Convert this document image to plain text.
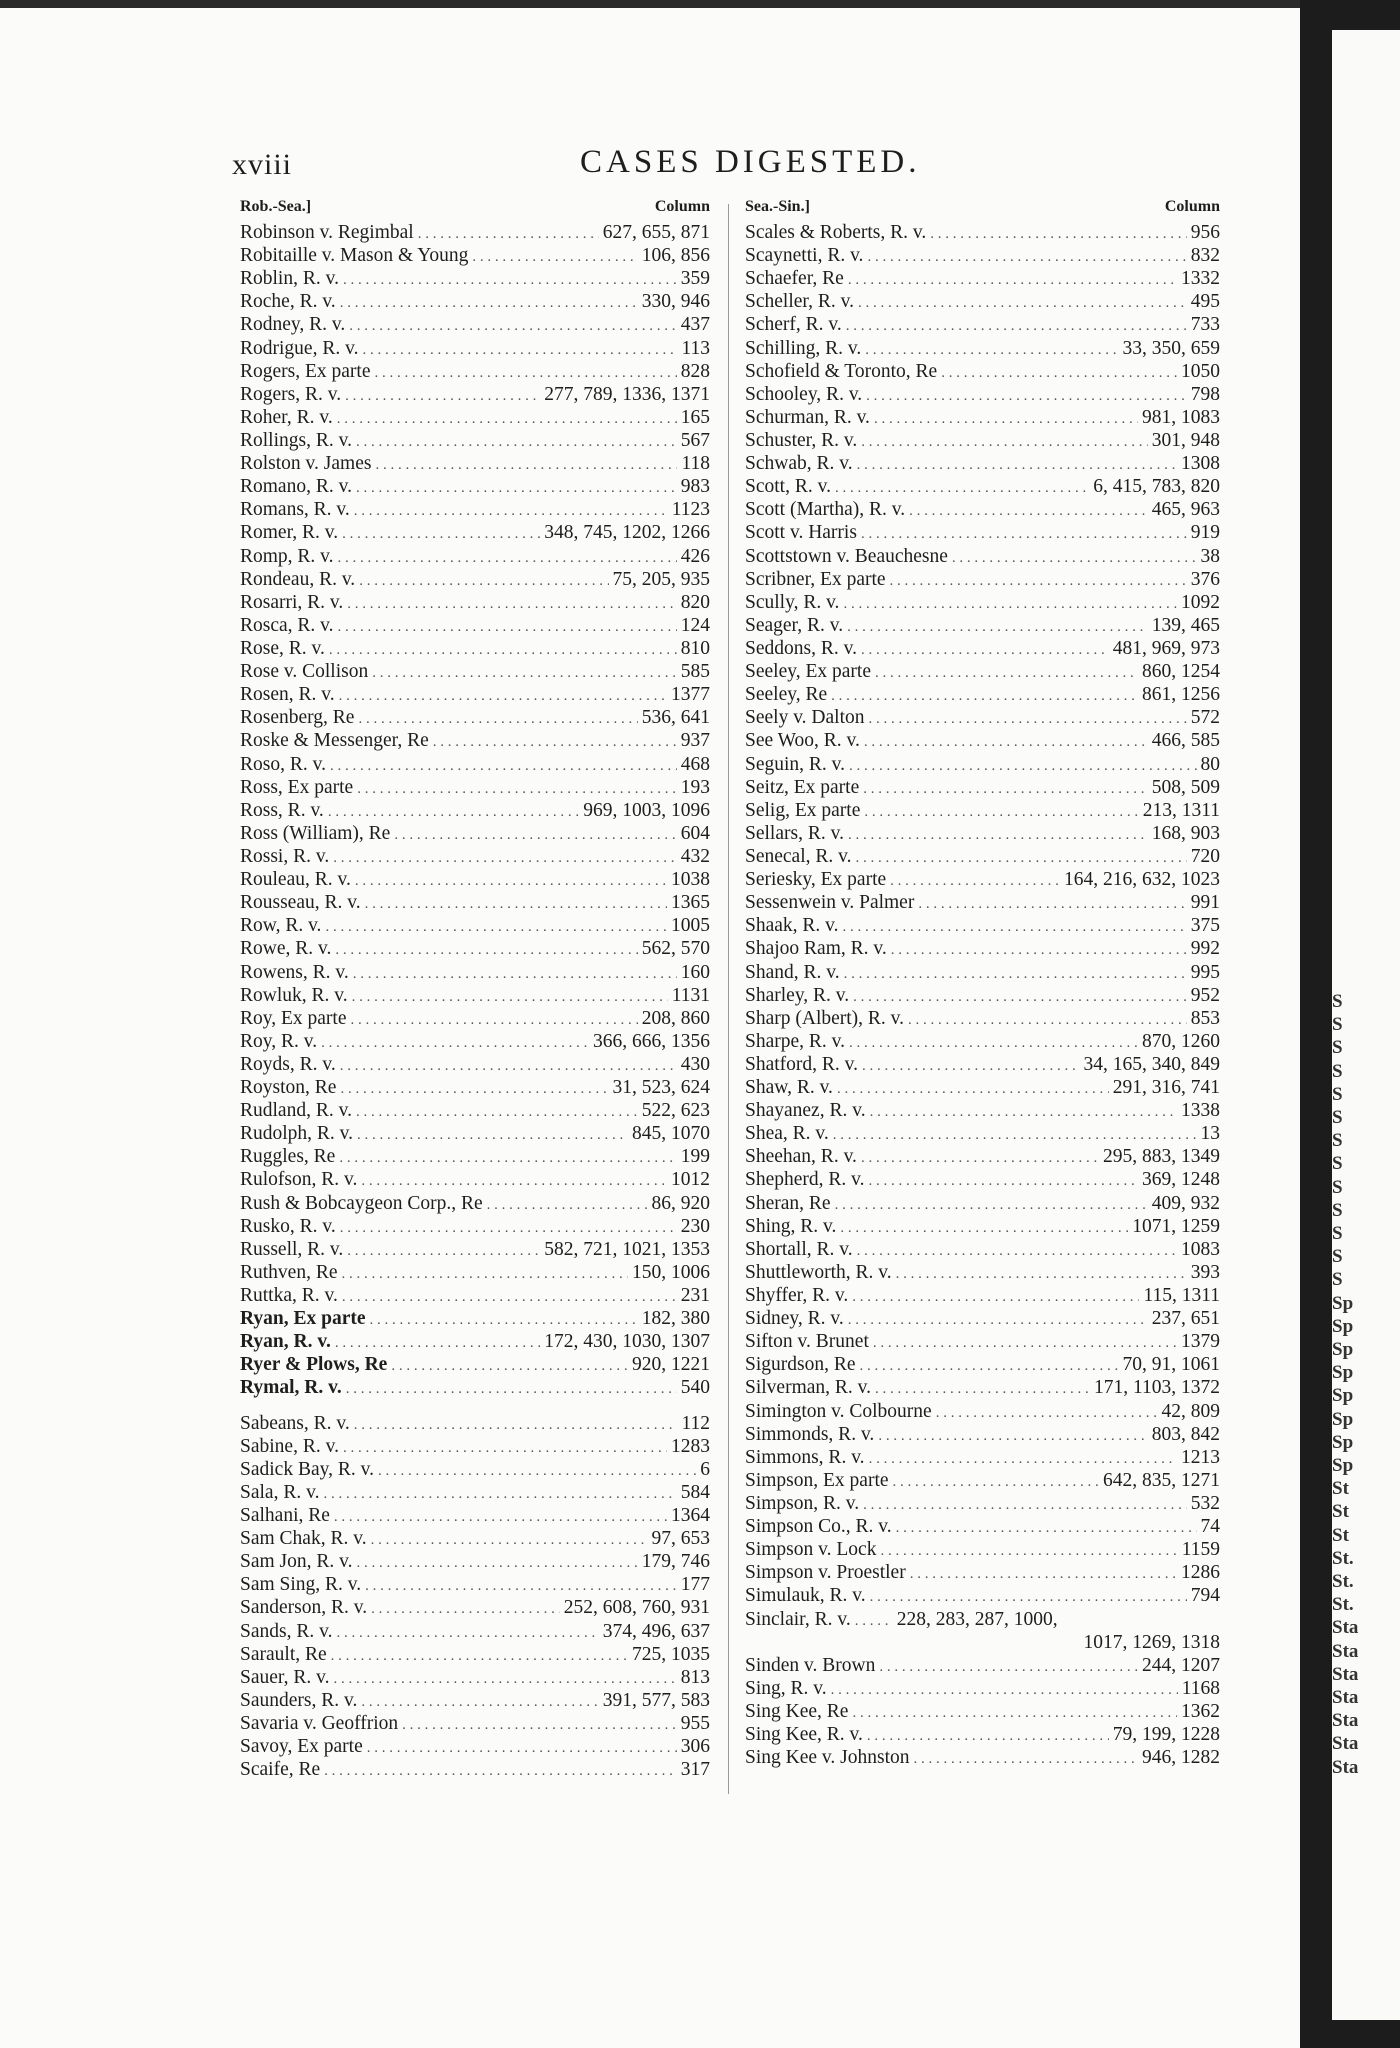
xviii	CASES DIGESTED.
Rob.-Sea.]	Column
Robinson v. Regimbal . . .	627, 655, 871
Robitaille v. Mason & Young . . .	106, 856
Roblin, R. v. . . .	359
Roche, R. v. . . .	330, 946
Rodney, R. v. . . .	437
Rodrigue, R. v. . . .	113
Rogers, Ex parte . . .	828
Rogers, R. v. . . .	277, 789, 1336, 1371
Roher, R. v. . . .	165
Rollings, R. v. . . .	567
Rolston v. James . . .	118
Romano, R. v. . . .	983
Romans, R. v. . . .	1123
Romer, R. v. . . .	348, 745, 1202, 1266
Romp, R. v. . . .	426
Rondeau, R. v. . . .	75, 205, 935
Rosarri, R. v. . . .	820
Rosca, R. v. . . .	124
Rose, R. v. . . .	810
Rose v. Collison . . .	585
Rosen, R. v. . . .	1377
Rosenberg, Re . . .	536, 641
Roske & Messenger, Re . . .	937
Roso, R. v. . . .	468
Ross, Ex parte . . .	193
Ross, R. v. . . .	969, 1003, 1096
Ross (William), Re . . .	604
Rossi, R. v. . . .	432
Rouleau, R. v. . . .	1038
Rousseau, R. v. . . .	1365
Row, R. v. . . .	1005
Rowe, R. v. . . .	562, 570
Rowens, R. v. . . .	160
Rowluk, R. v. . . .	1131
Roy, Ex parte . . .	208, 860
Roy, R. v. . . .	366, 666, 1356
Royds, R. v. . . .	430
Royston, Re . . .	31, 523, 624
Rudland, R. v. . . .	522, 623
Rudolph, R. v. . . .	845, 1070
Ruggles, Re . . .	199
Rulofson, R. v. . . .	1012
Rush & Bobcaygeon Corp., Re . . .	86, 920
Rusko, R. v. . . .	230
Russell, R. v. . . .	582, 721, 1021, 1353
Ruthven, Re . . .	150, 1006
Ruttka, R. v. . . .	231
Ryan, Ex parte . . .	182, 380
Ryan, R. v. . . .	172, 430, 1030, 1307
Ryer & Plows, Re . . .	920, 1221
Rymal, R. v. . . .	540
Sabeans, R. v. . . .	112
Sabine, R. v. . . .	1283
Sadick Bay, R. v. . . .	6
Sala, R. v. . . .	584
Salhani, Re . . .	1364
Sam Chak, R. v. . . .	97, 653
Sam Jon, R. v. . . .	179, 746
Sam Sing, R. v. . . .	177
Sanderson, R. v. . . .	252, 608, 760, 931
Sands, R. v. . . .	374, 496, 637
Sarault, Re . . .	725, 1035
Sauer, R. v. . . .	813
Saunders, R. v. . . .	391, 577, 583
Savaria v. Geoffrion . . .	955
Savoy, Ex parte . . .	306
Scaife, Re . . .	317
Sea.-Sin.]	Column
Scales & Roberts, R. v. . . .	956
Scaynetti, R. v. . . .	832
Schaefer, Re . . .	1332
Scheller, R. v. . . .	495
Scherf, R. v. . . .	733
Schilling, R. v. . . .	33, 350, 659
Schofield & Toronto, Re . . .	1050
Schooley, R. v. . . .	798
Schurman, R. v. . . .	981, 1083
Schuster, R. v. . . .	301, 948
Schwab, R. v. . . .	1308
Scott, R. v. . . .	6, 415, 783, 820
Scott (Martha), R. v. . . .	465, 963
Scott v. Harris . . .	919
Scottstown v. Beauchesne . . .	38
Scribner, Ex parte . . .	376
Scully, R. v. . . .	1092
Seager, R. v. . . .	139, 465
Seddons, R. v. . . .	481, 969, 973
Seeley, Ex parte . . .	860, 1254
Seeley, Re . . .	861, 1256
Seely v. Dalton . . .	572
See Woo, R. v. . . .	466, 585
Seguin, R. v. . . .	80
Seitz, Ex parte . . .	508, 509
Selig, Ex parte . . .	213, 1311
Sellars, R. v. . . .	168, 903
Senecal, R. v. . . .	720
Seriesky, Ex parte . . .	164, 216, 632, 1023
Sessenwein v. Palmer . . .	991
Shaak, R. v. . . .	375
Shajoo Ram, R. v. . . .	992
Shand, R. v. . . .	995
Sharley, R. v. . . .	952
Sharp (Albert), R. v. . . .	853
Sharpe, R. v. . . .	870, 1260
Shatford, R. v. . . .	34, 165, 340, 849
Shaw, R. v. . . .	291, 316, 741
Shayanez, R. v. . . .	1338
Shea, R. v. . . .	13
Sheehan, R. v. . . .	295, 883, 1349
Shepherd, R. v. . . .	369, 1248
Sheran, Re . . .	409, 932
Shing, R. v. . . .	1071, 1259
Shortall, R. v. . . .	1083
Shuttleworth, R. v. . . .	393
Shyffer, R. v. . . .	115, 1311
Sidney, R. v. . . .	237, 651
Sifton v. Brunet . . .	1379
Sigurdson, Re . . .	70, 91, 1061
Silverman, R. v. . . .	171, 1103, 1372
Simington v. Colbourne . . .	42, 809
Simmonds, R. v. . . .	803, 842
Simmons, R. v. . . .	1213
Simpson, Ex parte . . .	642, 835, 1271
Simpson, R. v. . . .	532
Simpson Co., R. v. . . .	74
Simpson v. Lock . . .	1159
Simpson v. Proestler . . .	1286
Simulauk, R. v. . . .	794
Sinclair, R. v. . . . 228, 283, 287, 1000,
1017, 1269, 1318
Sinden v. Brown . . .	244, 1207
Sing, R. v. . . .	1168
Sing Kee, Re . . .	1362
Sing Kee, R. v. . . .	79, 199, 1228
Sing Kee v. Johnston . . .	946, 1282
S
S
S
S
S
S
S
S
S
S
S
S
S
Sp
Sp
Sp
Sp
Sp
Sp
Sp
Sp
St
St
St
St.
St.
St.
Sta
Sta
Sta
Sta
Sta
Sta
Sta
